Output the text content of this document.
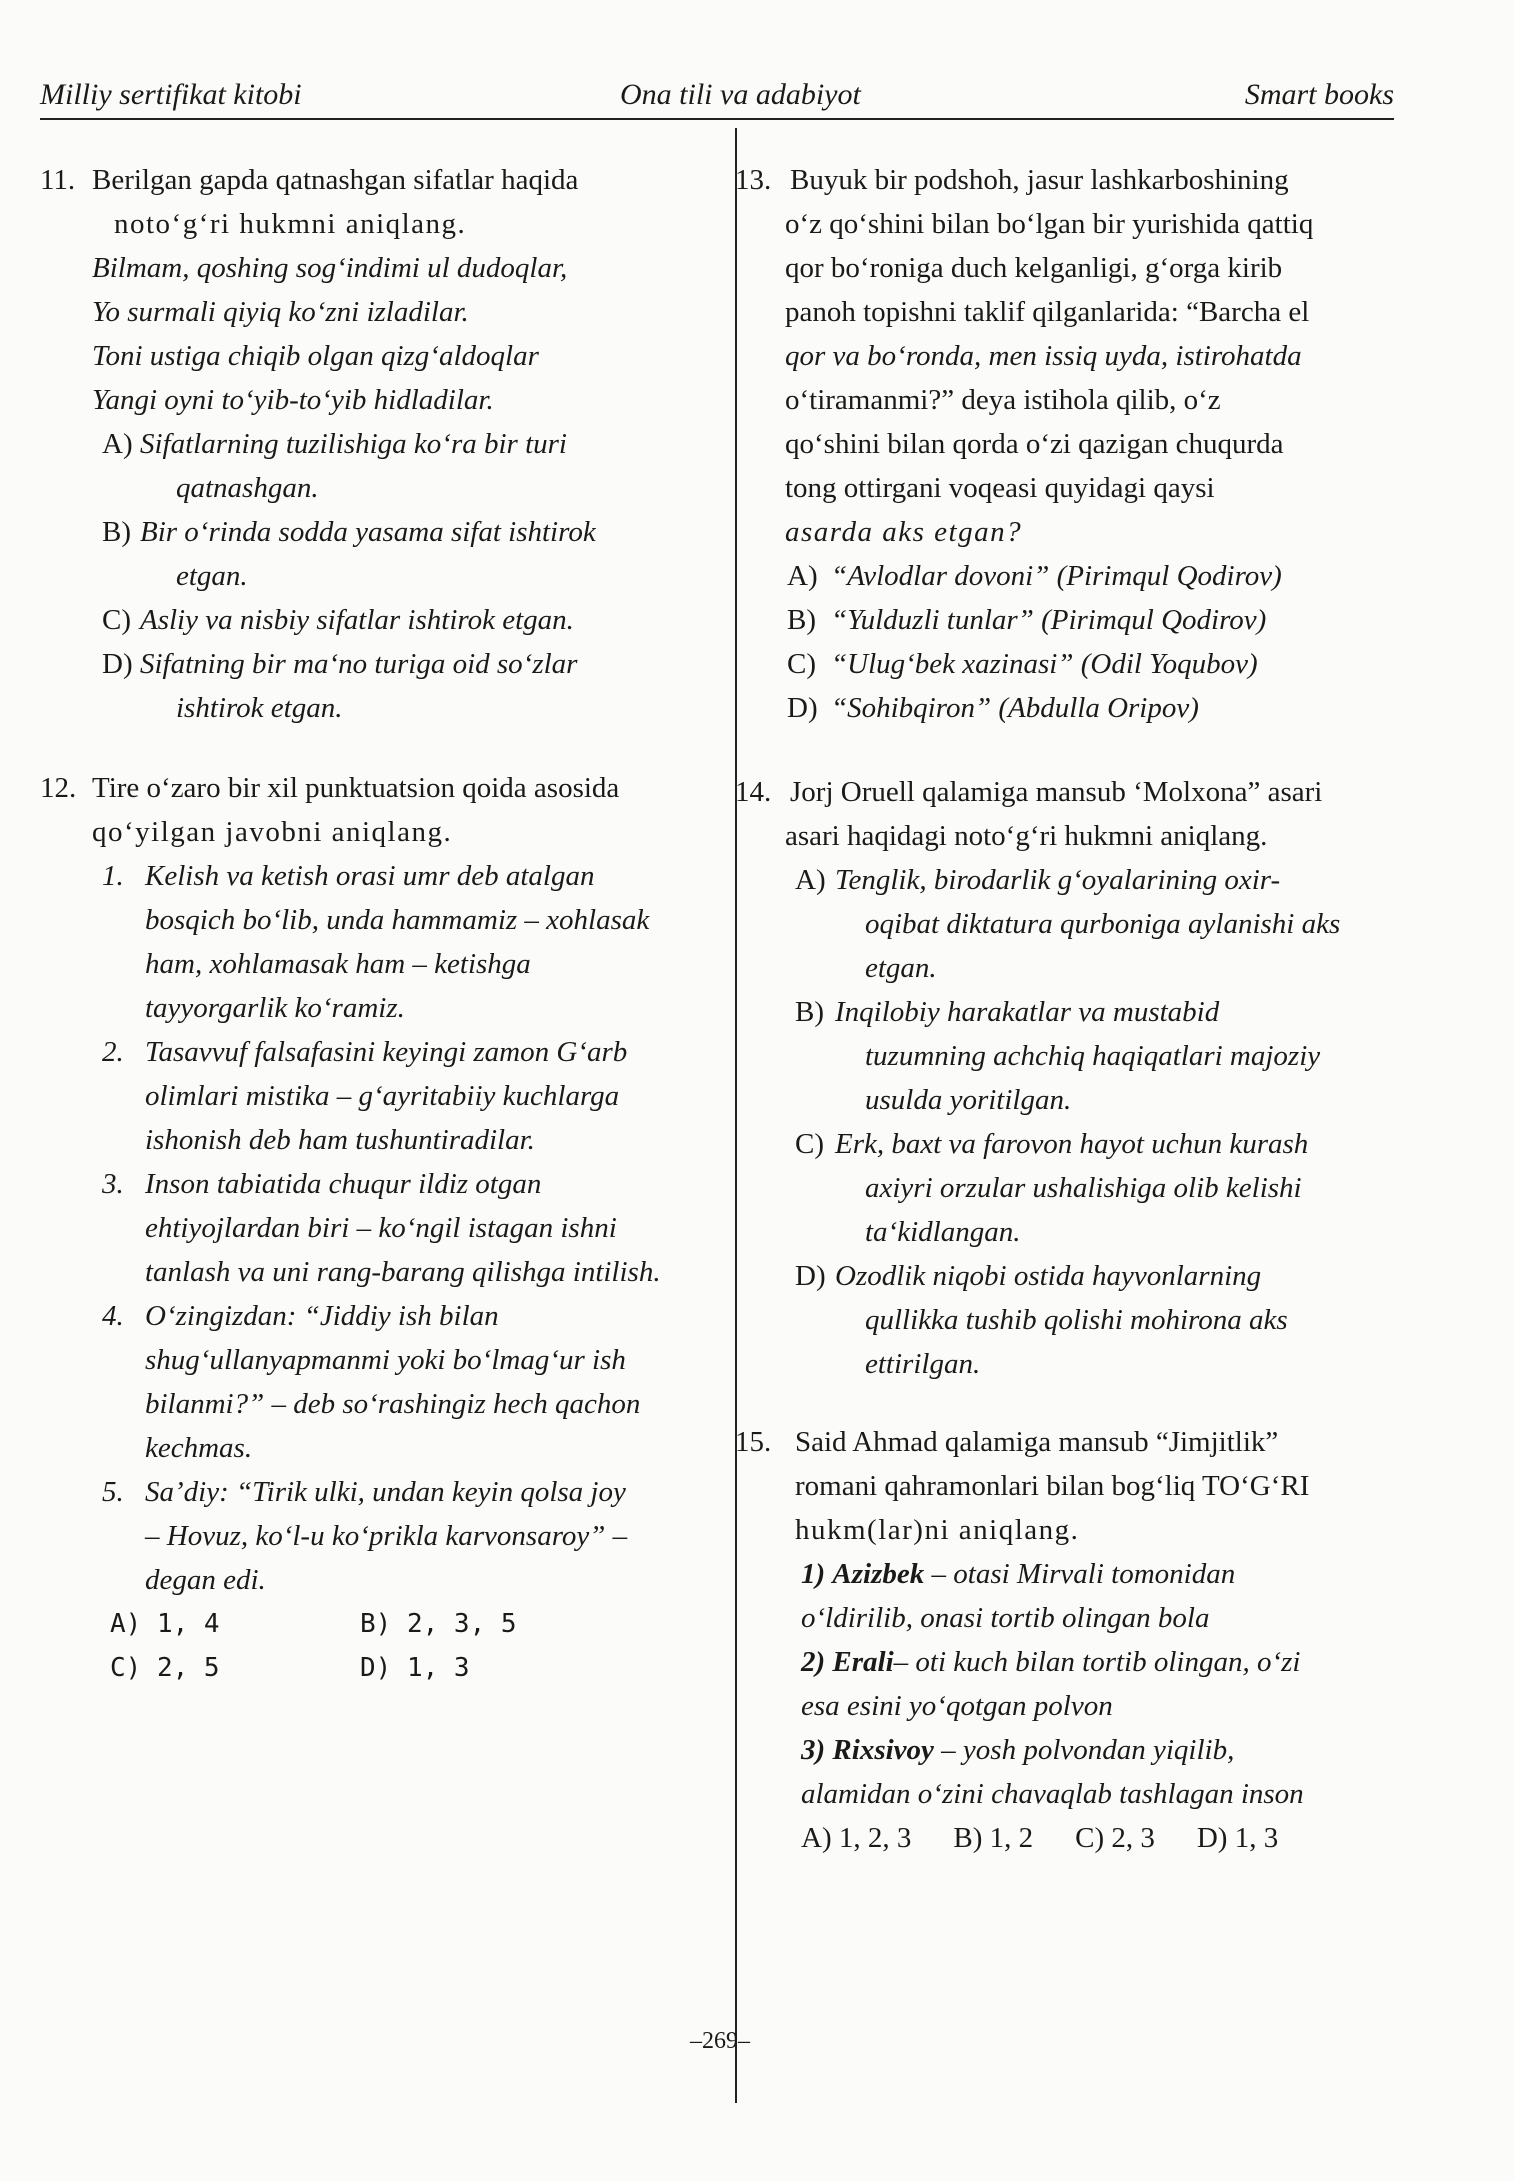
Milliy sertifikat kitobi	Ona tili va adabiyot	Smart books
11. Berilgan gapda qatnashgan sifatlar haqida
noto‘g‘ri hukmni aniqlang.
Bilmam, qoshing sog‘indimi ul dudoqlar,
Yo surmali qiyiq ko‘zni izladilar.
Toni ustiga chiqib olgan qizg‘aldoqlar
Yangi oyni to‘yib-to‘yib hidladilar.
A) Sifatlarning tuzilishiga ko‘ra bir turi
qatnashgan.
B) Bir o‘rinda sodda yasama sifat ishtirok
etgan.
C) Asliy va nisbiy sifatlar ishtirok etgan.
D) Sifatning bir ma‘no turiga oid so‘zlar
ishtirok etgan.
12. Tire o‘zaro bir xil punktuatsion qoida asosida
qo‘yilgan javobni aniqlang.
1. Kelish va ketish orasi umr deb atalgan
bosqich bo‘lib, unda hammamiz – xohlasak
ham, xohlamasak ham – ketishga
tayyorgarlik ko‘ramiz.
2. Tasavvuf falsafasini keyingi zamon G‘arb
olimlari mistika – g‘ayritabiiy kuchlarga
ishonish deb ham tushuntiradilar.
3. Inson tabiatida chuqur ildiz otgan
ehtiyojlardan biri – ko‘ngil istagan ishni
tanlash va uni rang-barang qilishga intilish.
4. O‘zingizdan: “Jiddiy ish bilan
shug‘ullanyapmanmi yoki bo‘lmag‘ur ish
bilanmi?” – deb so‘rashingiz hech qachon
kechmas.
5. Sa’diy: “Tirik ulki, undan keyin qolsa joy
– Hovuz, ko‘l-u ko‘prikla karvonsaroy” –
degan edi.
A) 1, 4	B) 2, 3, 5
C) 2, 5	D) 1, 3
13. Buyuk bir podshoh, jasur lashkarboshining
o‘z qo‘shini bilan bo‘lgan bir yurishida qattiq
qor bo‘roniga duch kelganligi, g‘orga kirib
panoh topishni taklif qilganlarida: “Barcha el
qor va bo‘ronda, men issiq uyda, istirohatda
o‘tiramanmi?” deya istihola qilib, o‘z
qo‘shini bilan qorda o‘zi qazigan chuqurda
tong ottirgani voqeasi quyidagi qaysi
asarda aks etgan?
A) “Avlodlar dovoni” (Pirimqul Qodirov)
B) “Yulduzli tunlar” (Pirimqul Qodirov)
C) “Ulug‘bek xazinasi” (Odil Yoqubov)
D) “Sohibqiron” (Abdulla Oripov)
14. Jorj Oruell qalamiga mansub ‘Molxona” asari
asari haqidagi noto‘g‘ri hukmni aniqlang.
A) Tenglik, birodarlik g‘oyalarining oxir-
oqibat diktatura qurboniga aylanishi aks
etgan.
B) Inqilobiy harakatlar va mustabid
tuzumning achchiq haqiqatlari majoziy
usulda yoritilgan.
C) Erk, baxt va farovon hayot uchun kurash
axiyri orzular ushalishiga olib kelishi
ta‘kidlangan.
D) Ozodlik niqobi ostida hayvonlarning
qullikka tushib qolishi mohirona aks
ettirilgan.
15. Said Ahmad qalamiga mansub “Jimjitlik”
romani qahramonlari bilan bog‘liq TO‘G‘RI
hukm(lar)ni aniqlang.
1) Azizbek – otasi Mirvali tomonidan
o‘ldirilib, onasi tortib olingan bola
2) Erali– oti kuch bilan tortib olingan, o‘zi
esa esini yo‘qotgan polvon
3) Rixsivoy – yosh polvondan yiqilib,
alamidan o‘zini chavaqlab tashlagan inson
A) 1, 2, 3 B) 1, 2 C) 2, 3 D) 1, 3
–269–
